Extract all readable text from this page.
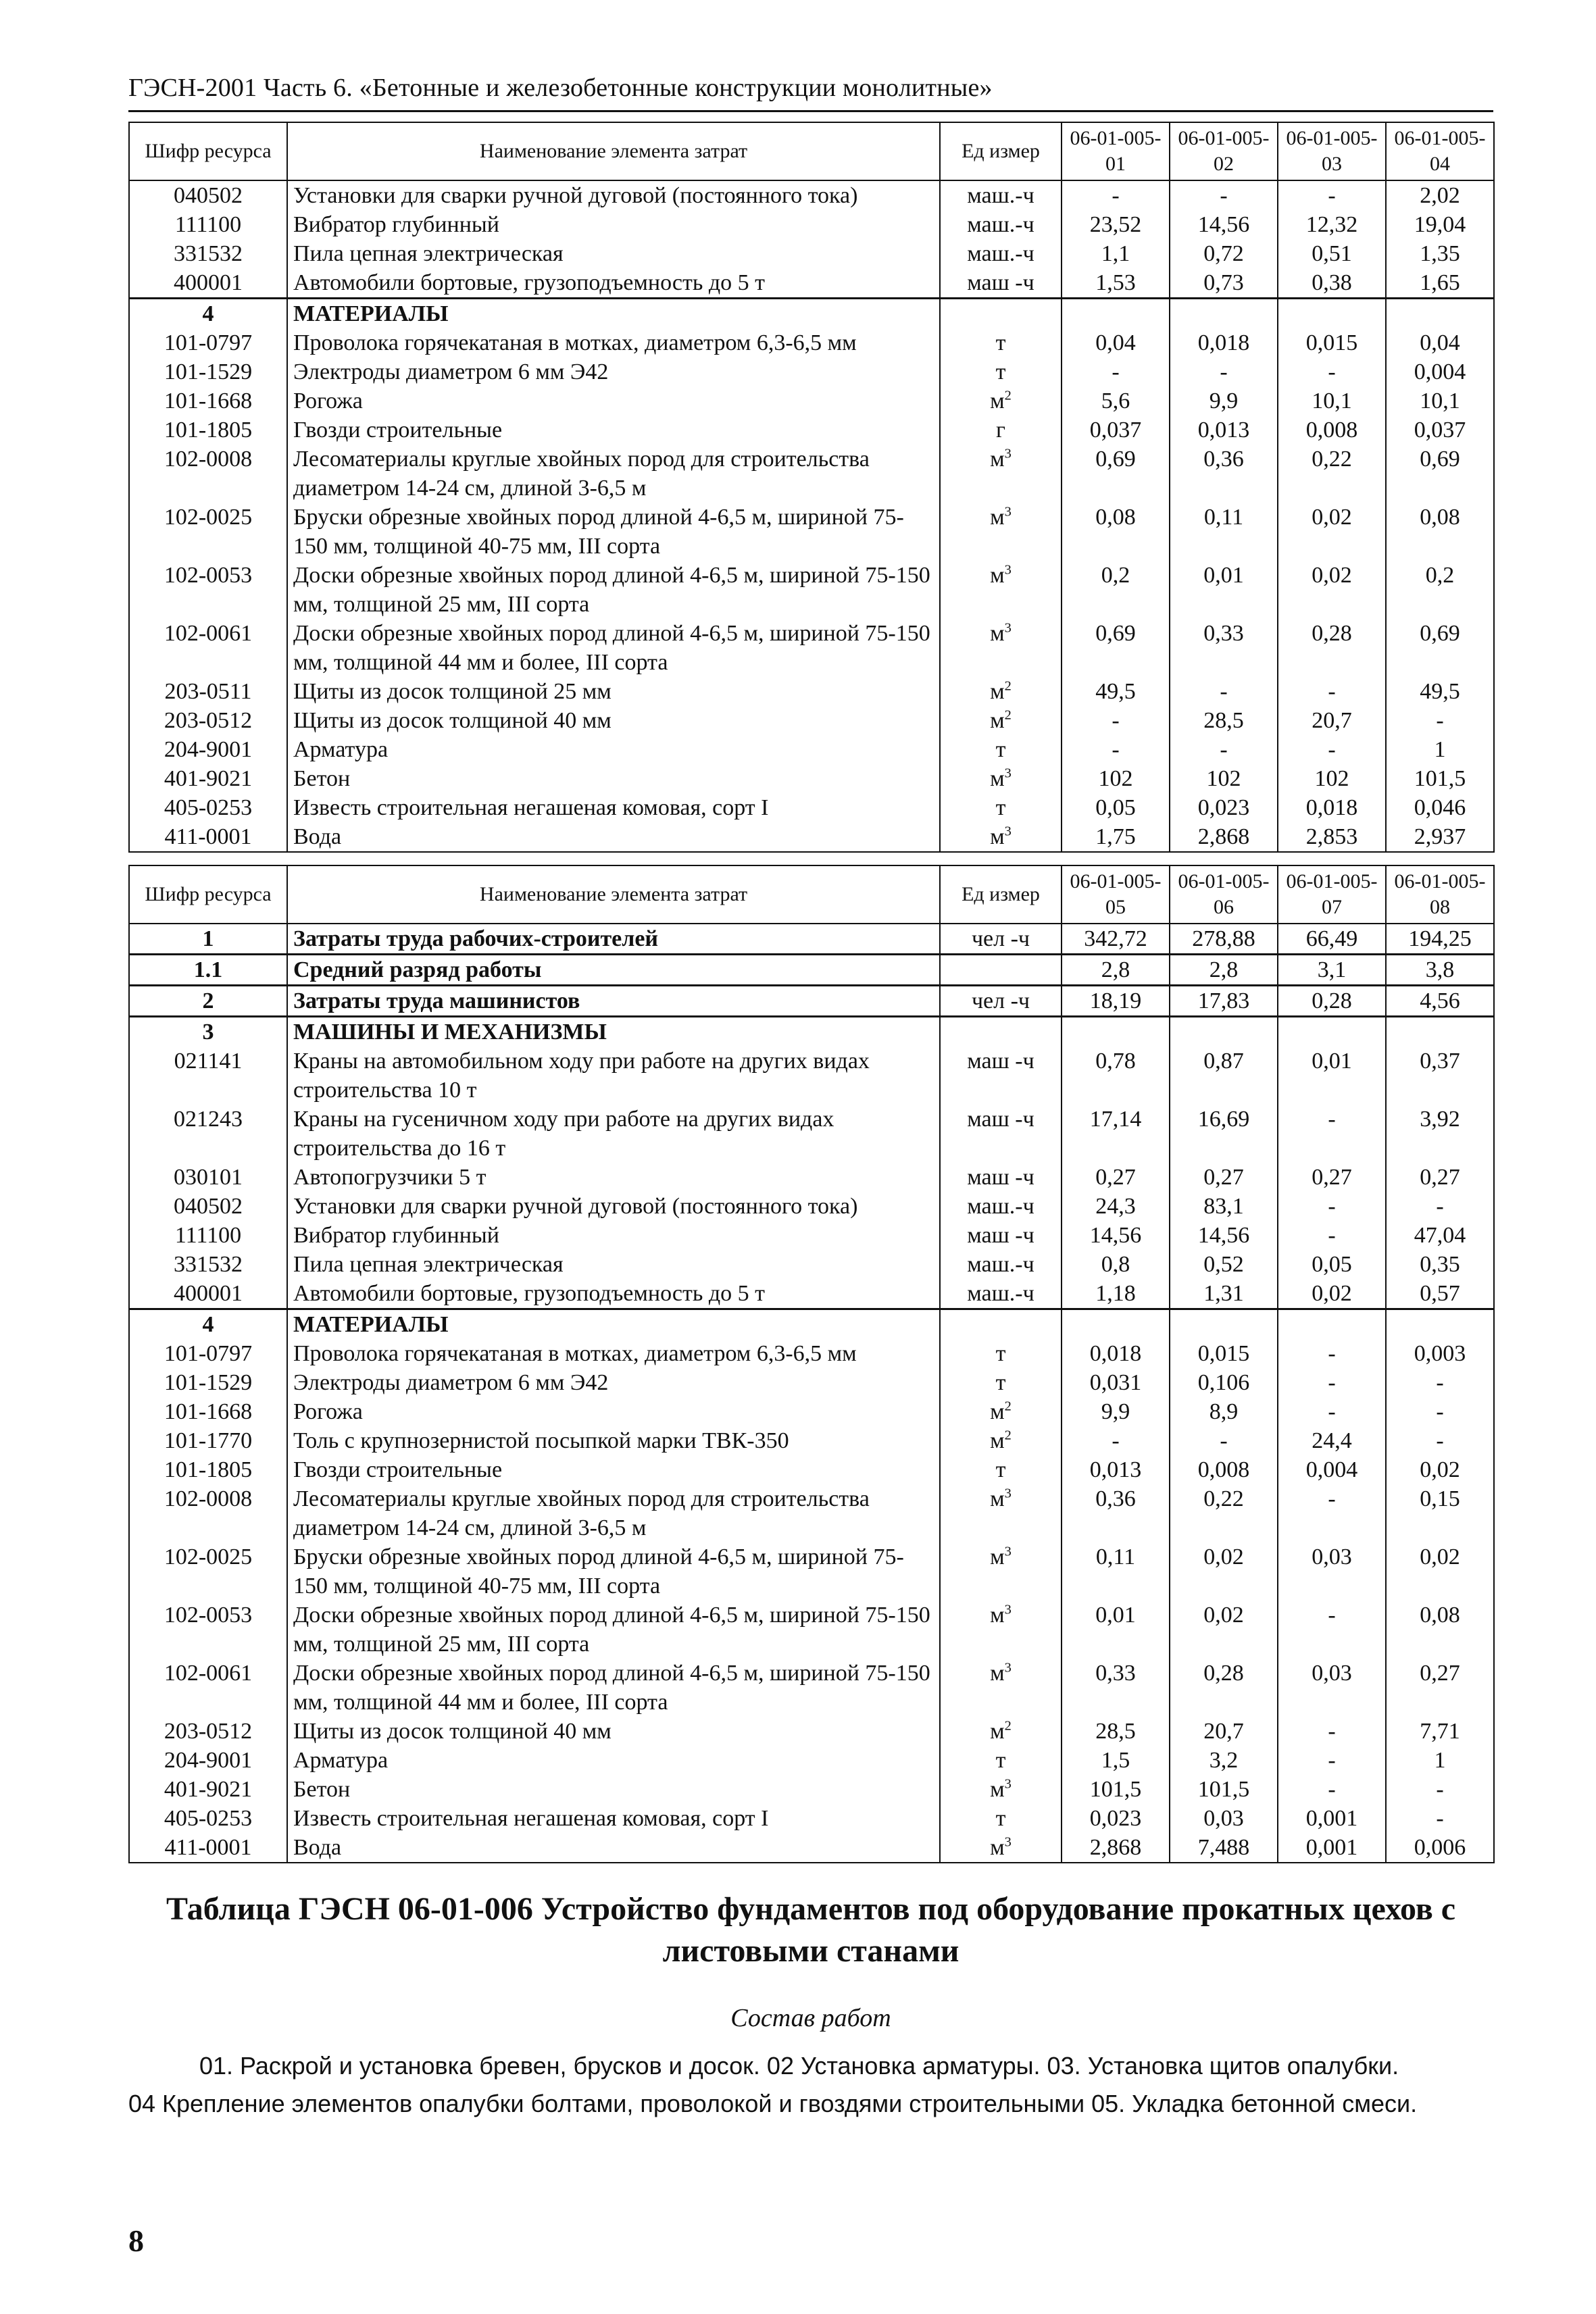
ГЭСН-2001 Часть 6. «Бетонные и железобетонные конструкции монолитные»
Шифр ресурса	Наименование элемента затрат	Ед измер	06-01-005-01	06-01-005-02	06-01-005-03	06-01-005-04
040502	Установки для сварки ручной дуговой (постоянного тока)	маш.-ч	-	-	-	2,02
111100	Вибратор глубинный	маш.-ч	23,52	14,56	12,32	19,04
331532	Пила цепная электрическая	маш.-ч	1,1	0,72	0,51	1,35
400001	Автомобили бортовые, грузоподъемность до 5 т	маш -ч	1,53	0,73	0,38	1,65
4	МАТЕРИАЛЫ					
101-0797	Проволока горячекатаная в мотках, диаметром 6,3-6,5 мм	т	0,04	0,018	0,015	0,04
101-1529	Электроды диаметром 6 мм Э42	т	-	-	-	0,004
101-1668	Рогожа	$м^2$	5,6	9,9	10,1	10,1
101-1805	Гвозди строительные	г	0,037	0,013	0,008	0,037
102-0008	Лесоматериалы круглые хвойных пород для строительства диаметром 14-24 см, длиной 3-6,5 м	$м^3$	0,69	0,36	0,22	0,69
102-0025	Бруски обрезные хвойных пород длиной 4-6,5 м, шириной 75-150 мм, толщиной 40-75 мм, III сорта	$м^3$	0,08	0,11	0,02	0,08
102-0053	Доски обрезные хвойных пород длиной 4-6,5 м, шириной 75-150 мм, толщиной 25 мм, III сорта	$м^3$	0,2	0,01	0,02	0,2
102-0061	Доски обрезные хвойных пород длиной 4-6,5 м, шириной 75-150 мм, толщиной 44 мм и более, III сорта	$м^3$	0,69	0,33	0,28	0,69
203-0511	Щиты из досок толщиной 25 мм	$м^2$	49,5	-	-	49,5
203-0512	Щиты из досок толщиной 40 мм	$м^2$	-	28,5	20,7	-
204-9001	Арматура	т	-	-	-	1
401-9021	Бетон	$м^3$	102	102	102	101,5
405-0253	Известь строительная негашеная комовая, сорт I	т	0,05	0,023	0,018	0,046
411-0001	Вода	$м^3$	1,75	2,868	2,853	2,937
Шифр ресурса	Наименование элемента затрат	Ед измер	06-01-005-05	06-01-005-06	06-01-005-07	06-01-005-08
1	Затраты труда рабочих-строителей	чел -ч	342,72	278,88	66,49	194,25
1.1	Средний разряд работы		2,8	2,8	3,1	3,8
2	Затраты труда машинистов	чел -ч	18,19	17,83	0,28	4,56
3	МАШИНЫ И МЕХАНИЗМЫ					
021141	Краны на автомобильном ходу при работе на других видах строительства 10 т	маш -ч	0,78	0,87	0,01	0,37
021243	Краны на гусеничном ходу при работе на других видах строительства до 16 т	маш -ч	17,14	16,69	-	3,92
030101	Автопогрузчики 5 т	маш -ч	0,27	0,27	0,27	0,27
040502	Установки для сварки ручной дуговой (постоянного тока)	маш.-ч	24,3	83,1	-	-
111100	Вибратор глубинный	маш -ч	14,56	14,56	-	47,04
331532	Пила цепная электрическая	маш.-ч	0,8	0,52	0,05	0,35
400001	Автомобили бортовые, грузоподъемность до 5 т	маш.-ч	1,18	1,31	0,02	0,57
4	МАТЕРИАЛЫ					
101-0797	Проволока горячекатаная в мотках, диаметром 6,3-6,5 мм	т	0,018	0,015	-	0,003
101-1529	Электроды диаметром 6 мм Э42	т	0,031	0,106	-	-
101-1668	Рогожа	$м^2$	9,9	8,9	-	-
101-1770	Толь с крупнозернистой посыпкой марки ТВК-350	$м^2$	-	-	24,4	-
101-1805	Гвозди строительные	т	0,013	0,008	0,004	0,02
102-0008	Лесоматериалы круглые хвойных пород для строительства диаметром 14-24 см, длиной 3-6,5 м	$м^3$	0,36	0,22	-	0,15
102-0025	Бруски обрезные хвойных пород длиной 4-6,5 м, шириной 75-150 мм, толщиной 40-75 мм, III сорта	$м^3$	0,11	0,02	0,03	0,02
102-0053	Доски обрезные хвойных пород длиной 4-6,5 м, шириной 75-150 мм, толщиной 25 мм, III сорта	$м^3$	0,01	0,02	-	0,08
102-0061	Доски обрезные хвойных пород длиной 4-6,5 м, шириной 75-150 мм, толщиной 44 мм и более, III сорта	$м^3$	0,33	0,28	0,03	0,27
203-0512	Щиты из досок толщиной 40 мм	$м^2$	28,5	20,7	-	7,71
204-9001	Арматура	т	1,5	3,2	-	1
401-9021	Бетон	$м^3$	101,5	101,5	-	-
405-0253	Известь строительная негашеная комовая, сорт I	т	0,023	0,03	0,001	-
411-0001	Вода	$м^3$	2,868	7,488	0,001	0,006
Таблица ГЭСН 06-01-006 Устройство фундаментов под оборудование прокатных цехов с листовыми станами
Состав работ
01. Раскрой и установка бревен, брусков и досок. 02 Установка арматуры. 03. Установка щитов опалубки.
04 Крепление элементов опалубки болтами, проволокой и гвоздями строительными 05. Укладка бетонной смеси.
8
